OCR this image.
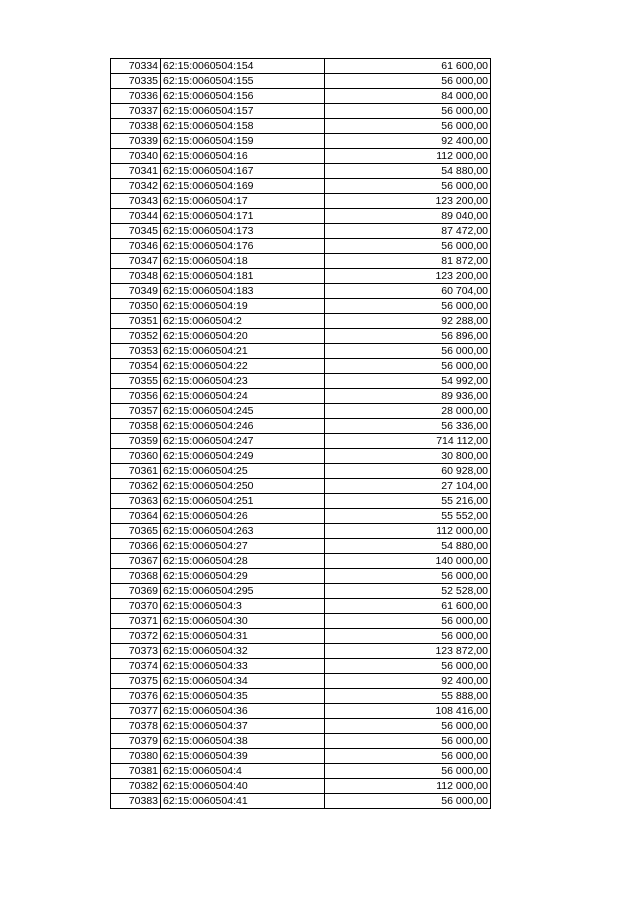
70334	62:15:0060504:154	61 600,00
70335	62:15:0060504:155	56 000,00
70336	62:15:0060504:156	84 000,00
70337	62:15:0060504:157	56 000,00
70338	62:15:0060504:158	56 000,00
70339	62:15:0060504:159	92 400,00
70340	62:15:0060504:16	112 000,00
70341	62:15:0060504:167	54 880,00
70342	62:15:0060504:169	56 000,00
70343	62:15:0060504:17	123 200,00
70344	62:15:0060504:171	89 040,00
70345	62:15:0060504:173	87 472,00
70346	62:15:0060504:176	56 000,00
70347	62:15:0060504:18	81 872,00
70348	62:15:0060504:181	123 200,00
70349	62:15:0060504:183	60 704,00
70350	62:15:0060504:19	56 000,00
70351	62:15:0060504:2	92 288,00
70352	62:15:0060504:20	56 896,00
70353	62:15:0060504:21	56 000,00
70354	62:15:0060504:22	56 000,00
70355	62:15:0060504:23	54 992,00
70356	62:15:0060504:24	89 936,00
70357	62:15:0060504:245	28 000,00
70358	62:15:0060504:246	56 336,00
70359	62:15:0060504:247	714 112,00
70360	62:15:0060504:249	30 800,00
70361	62:15:0060504:25	60 928,00
70362	62:15:0060504:250	27 104,00
70363	62:15:0060504:251	55 216,00
70364	62:15:0060504:26	55 552,00
70365	62:15:0060504:263	112 000,00
70366	62:15:0060504:27	54 880,00
70367	62:15:0060504:28	140 000,00
70368	62:15:0060504:29	56 000,00
70369	62:15:0060504:295	52 528,00
70370	62:15:0060504:3	61 600,00
70371	62:15:0060504:30	56 000,00
70372	62:15:0060504:31	56 000,00
70373	62:15:0060504:32	123 872,00
70374	62:15:0060504:33	56 000,00
70375	62:15:0060504:34	92 400,00
70376	62:15:0060504:35	55 888,00
70377	62:15:0060504:36	108 416,00
70378	62:15:0060504:37	56 000,00
70379	62:15:0060504:38	56 000,00
70380	62:15:0060504:39	56 000,00
70381	62:15:0060504:4	56 000,00
70382	62:15:0060504:40	112 000,00
70383	62:15:0060504:41	56 000,00
